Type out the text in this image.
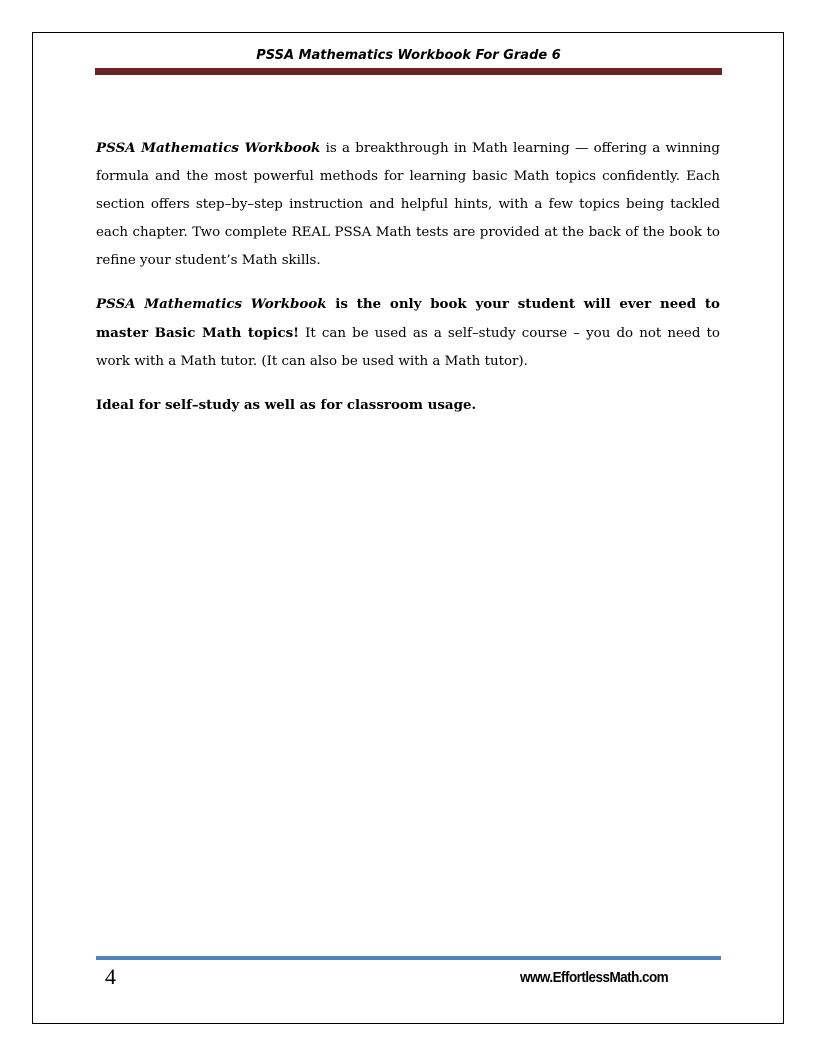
PSSA Mathematics Workbook For Grade 6

PSSA Mathematics Workbook is a breakthrough in Math learning — offering a winning formula and the most powerful methods for learning basic Math topics confidently. Each section offers step–by–step instruction and helpful hints, with a few topics being tackled each chapter. Two complete REAL PSSA Math tests are provided at the back of the book to refine your student’s Math skills.

PSSA Mathematics Workbook is the only book your student will ever need to master Basic Math topics! It can be used as a self–study course – you do not need to work with a Math tutor. (It can also be used with a Math tutor).

Ideal for self–study as well as for classroom usage.

4	www.EffortlessMath.com
